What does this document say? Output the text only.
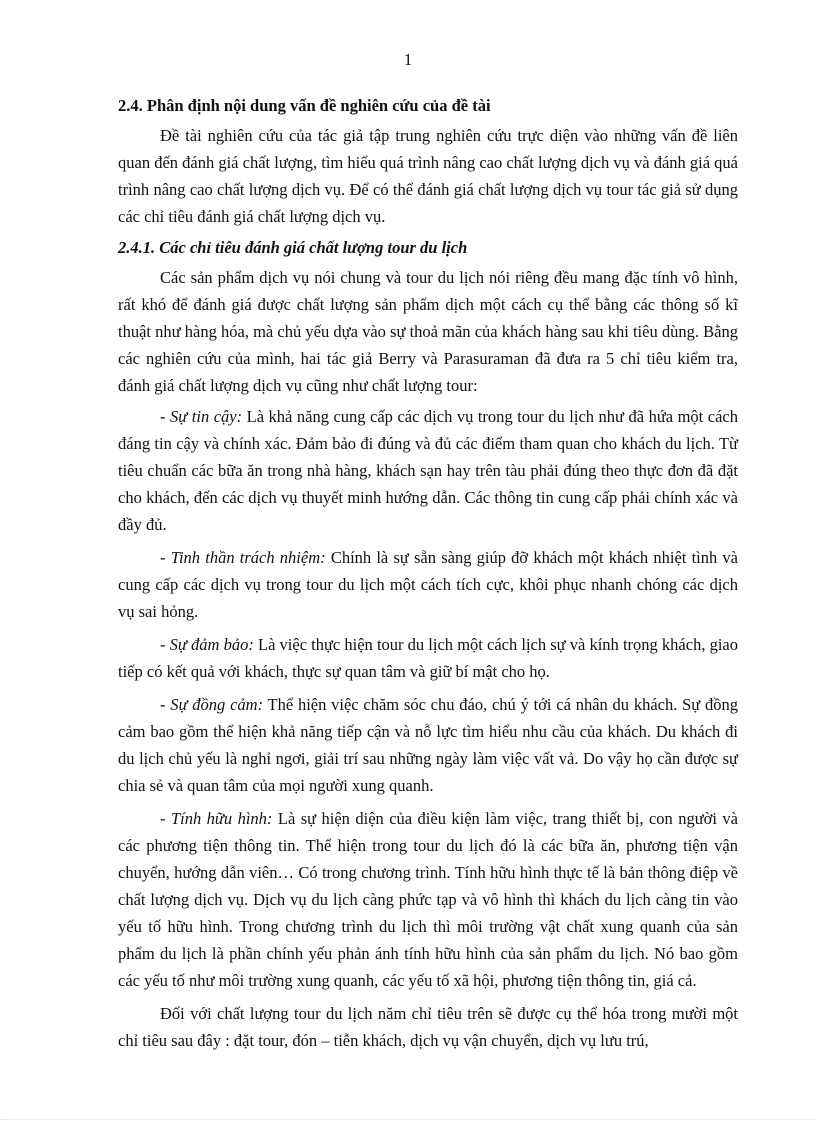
1

2.4. Phân định nội dung vấn đề nghiên cứu của đề tài

Đề tài nghiên cứu của tác giả tập trung nghiên cứu trực diện vào những vấn đề liên quan đến đánh giá chất lượng, tìm hiểu quá trình nâng cao chất lượng dịch vụ và đánh giá quá trình nâng cao chất lượng dịch vụ. Để có thể đánh giá chất lượng dịch vụ tour tác giả sử dụng các chỉ tiêu đánh giá chất lượng dịch vụ.

2.4.1. Các chỉ tiêu đánh giá chất lượng tour du lịch

Các sản phẩm dịch vụ nói chung và tour du lịch nói riêng đều mang đặc tính vô hình, rất khó để đánh giá được chất lượng sản phẩm dịch một cách cụ thể bằng các thông số kĩ thuật như hàng hóa, mà chủ yếu dựa vào sự thoả mãn của khách hàng sau khi tiêu dùng. Bằng các nghiên cứu của mình, hai tác giả Berry và Parasuraman đã đưa ra 5 chỉ tiêu kiểm tra, đánh giá chất lượng dịch vụ cũng như chất lượng tour:

- Sự tin cậy: Là khả năng cung cấp các dịch vụ trong tour du lịch như đã hứa một cách đáng tin cậy và chính xác. Đảm bảo đi đúng và đủ các điểm tham quan cho khách du lịch. Từ tiêu chuẩn các bữa ăn trong nhà hàng, khách sạn hay trên tàu phải đúng theo thực đơn đã đặt cho khách, đến các dịch vụ thuyết minh hướng dẫn. Các thông tin cung cấp phải chính xác và đầy đủ.

- Tinh thần trách nhiệm: Chính là sự sẵn sàng giúp đỡ khách một khách nhiệt tình và cung cấp các dịch vụ trong tour du lịch một cách tích cực, khôi phục nhanh chóng các dịch vụ sai hỏng.

- Sự đảm bảo: Là việc thực hiện tour du lịch một cách lịch sự và kính trọng khách, giao tiếp có kết quả với khách, thực sự quan tâm và giữ bí mật cho họ.

- Sự đồng cảm: Thể hiện việc chăm sóc chu đáo, chú ý tới cá nhân du khách. Sự đồng cảm bao gồm thể hiện khả năng tiếp cận và nỗ lực tìm hiểu nhu cầu của khách. Du khách đi du lịch chủ yếu là nghỉ ngơi, giải trí sau những ngày làm việc vất vả. Do vậy họ cần được sự chia sẻ và quan tâm của mọi người xung quanh.

- Tính hữu hình: Là sự hiện diện của điều kiện làm việc, trang thiết bị, con người và các phương tiện thông tin. Thể hiện trong tour du lịch đó là các bữa ăn, phương tiện vận chuyển, hướng dẫn viên… Có trong chương trình. Tính hữu hình thực tế là bản thông điệp về chất lượng dịch vụ. Dịch vụ du lịch càng phức tạp và vô hình thì khách du lịch càng tin vào yếu tố hữu hình. Trong chương trình du lịch thì môi trường vật chất xung quanh của sản phẩm du lịch là phần chính yếu phản ánh tính hữu hình của sản phẩm du lịch. Nó bao gồm các yếu tố như môi trường xung quanh, các yếu tố xã hội, phương tiện thông tin, giá cả.

Đối với chất lượng tour du lịch năm chỉ tiêu trên sẽ được cụ thể hóa trong mười một chỉ tiêu sau đây : đặt tour, đón – tiễn khách, dịch vụ vận chuyển, dịch vụ lưu trú,
